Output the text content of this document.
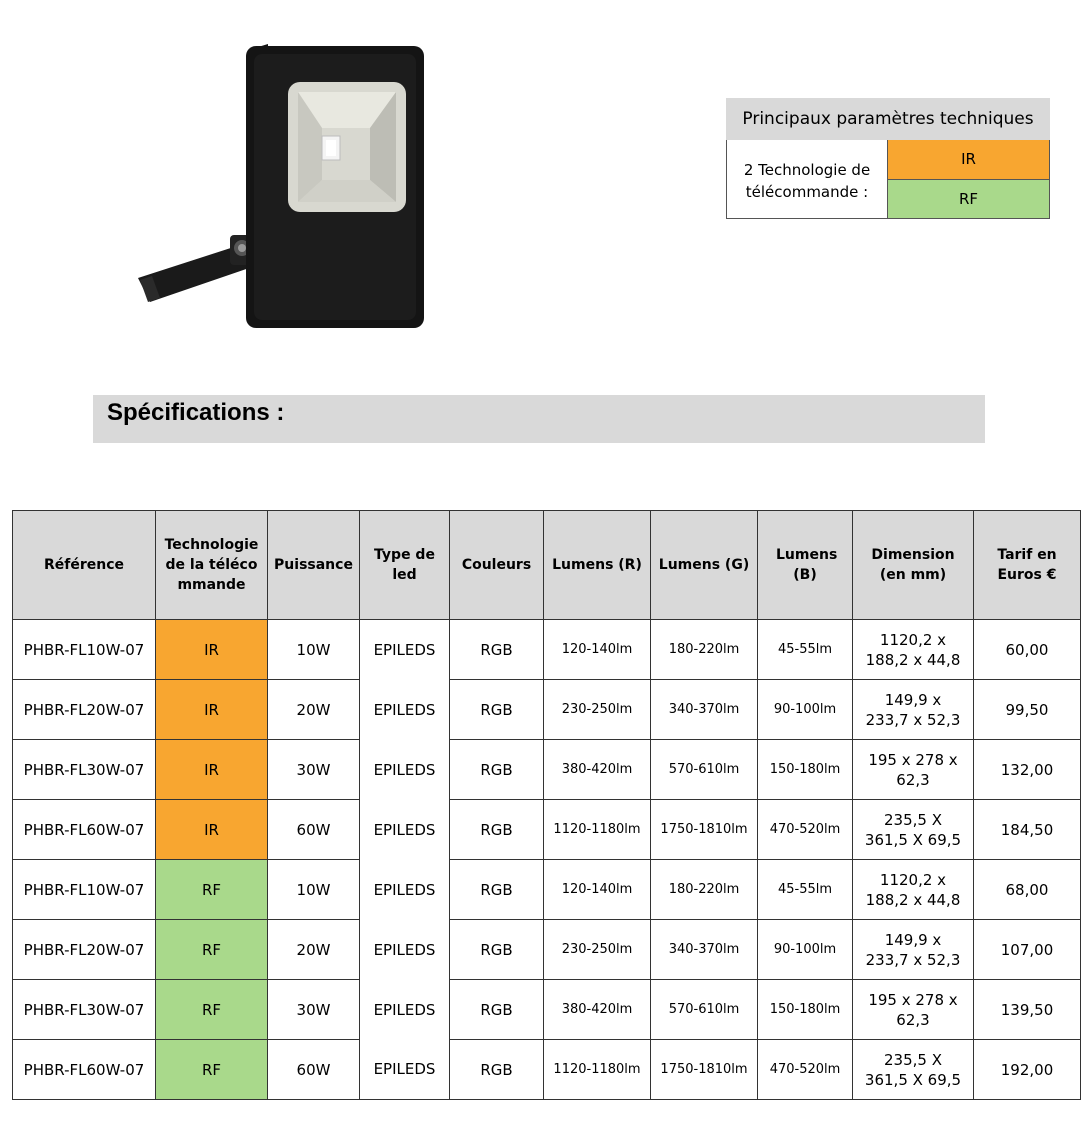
Principaux paramètres techniques
2 Technologie de
télécommande :
IR
RF
Spécifications :
Référence	Technologie de la télécommande	Puissance	Type de led	Couleurs	Lumens (R)	Lumens (G)	Lumens (B)	Dimension (en mm)	Tarif en Euros €
PHBR-FL10W-07	IR	10W	EPILEDS	RGB	120-140lm	180-220lm	45-55lm	1120,2 x
188,2 x 44,8	60,00
PHBR-FL20W-07	IR	20W	EPILEDS	RGB	230-250lm	340-370lm	90-100lm	149,9 x
233,7 x 52,3	99,50
PHBR-FL30W-07	IR	30W	EPILEDS	RGB	380-420lm	570-610lm	150-180lm	195 x 278 x
62,3	132,00
PHBR-FL60W-07	IR	60W	EPILEDS	RGB	1120-1180lm	1750-1810lm	470-520lm	235,5 X
361,5 X 69,5	184,50
PHBR-FL10W-07	RF	10W	EPILEDS	RGB	120-140lm	180-220lm	45-55lm	1120,2 x
188,2 x 44,8	68,00
PHBR-FL20W-07	RF	20W	EPILEDS	RGB	230-250lm	340-370lm	90-100lm	149,9 x
233,7 x 52,3	107,00
PHBR-FL30W-07	RF	30W	EPILEDS	RGB	380-420lm	570-610lm	150-180lm	195 x 278 x
62,3	139,50
PHBR-FL60W-07	RF	60W	EPILEDS	RGB	1120-1180lm	1750-1810lm	470-520lm	235,5 X
361,5 X 69,5	192,00
